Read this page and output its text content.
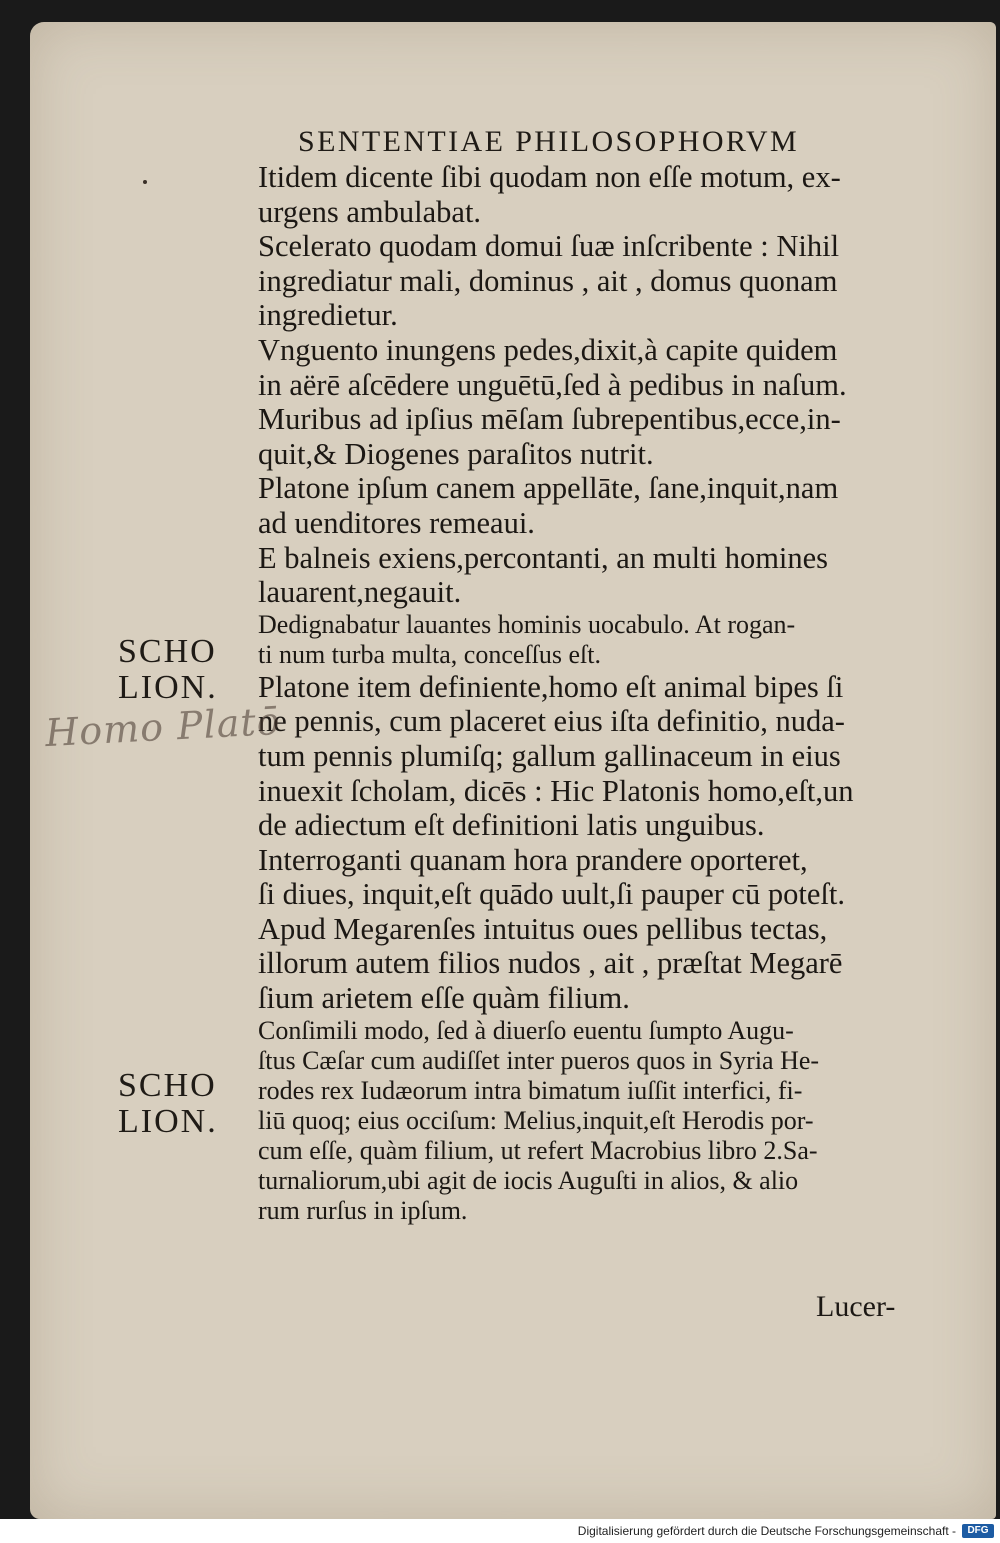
SENTENTIAE PHILOSOPHORVM
Itidem dicente ſibi quodam non eſſe motum, ex-
urgens ambulabat.
Scelerato quodam domui ſuæ inſcribente : Nihil
ingrediatur mali, dominus , ait , domus quonam
ingredietur.
Vnguento inungens pedes,dixit,à capite quidem
in aërē aſcēdere unguētū,ſed à pedibus in naſum.
Muribus ad ipſius mēſam ſubrepentibus,ecce,in-
quit,& Diogenes paraſitos nutrit.
Platone ipſum canem appellāte, ſane,inquit,nam
ad uenditores remeaui.
E balneis exiens,percontanti, an multi homines
lauarent,negauit.
Dedignabatur lauantes hominis uocabulo. At rogan-
ti num turba multa, conceſſus eſt.
Platone item definiente,homo eſt animal bipes ſi
ne pennis, cum placeret eius iſta definitio, nuda-
tum pennis plumiſq; gallum gallinaceum in eius
inuexit ſcholam, dicēs : Hic Platonis homo,eſt,un
de adiectum eſt definitioni latis unguibus.
Interroganti quanam hora prandere oporteret,
ſi diues, inquit,eſt quādo uult,ſi pauper cū poteſt.
Apud Megarenſes intuitus oues pellibus tectas,
illorum autem filios nudos , ait , præſtat Megarē
ſium arietem eſſe quàm filium.
Conſimili modo, ſed à diuerſo euentu ſumpto Augu-
ſtus Cæſar cum audiſſet inter pueros quos in Syria He-
rodes rex Iudæorum intra bimatum iuſſit interfici, fi-
liū quoq; eius occiſum: Melius,inquit,eſt Herodis por-
cum eſſe, quàm filium, ut refert Macrobius libro 2.Sa-
turnaliorum,ubi agit de iocis Auguſti in alios, & alio
rum rurſus in ipſum.
SCHO
LION.
Homo Platō
SCHO
LION.
Lucer-
Digitalisierung gefördert durch die Deutsche Forschungsgemeinschaft -	DFG
